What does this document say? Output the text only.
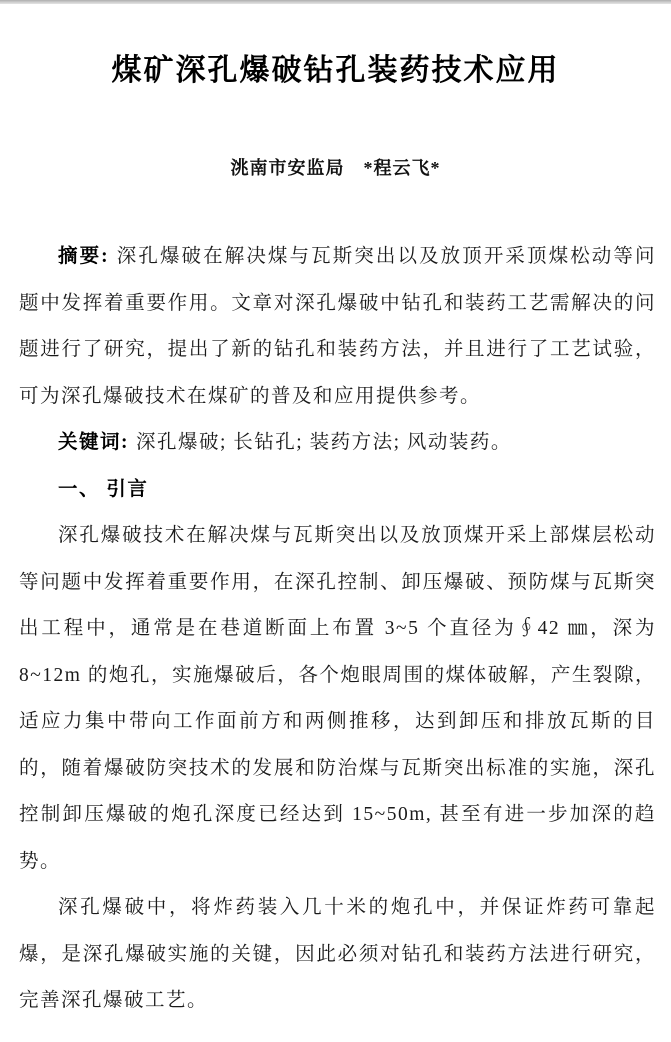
煤矿深孔爆破钻孔装药技术应用
洮南市安监局　*程云飞*

摘要: 深孔爆破在解决煤与瓦斯突出以及放顶开采顶煤松动等问题中发挥着重要作用。文章对深孔爆破中钻孔和装药工艺需解决的问题进行了研究，提出了新的钻孔和装药方法，并且进行了工艺试验，可为深孔爆破技术在煤矿的普及和应用提供参考。

关键词: 深孔爆破; 长钻孔; 装药方法; 风动装药。

一、 引言

深孔爆破技术在解决煤与瓦斯突出以及放顶煤开采上部煤层松动等问题中发挥着重要作用，在深孔控制、卸压爆破、预防煤与瓦斯突出工程中，通常是在巷道断面上布置 3~5 个直径为∮42 ㎜，深为 8~12m 的炮孔，实施爆破后，各个炮眼周围的煤体破解，产生裂隙，适应力集中带向工作面前方和两侧推移，达到卸压和排放瓦斯的目的，随着爆破防突技术的发展和防治煤与瓦斯突出标准的实施，深孔控制卸压爆破的炮孔深度已经达到 15~50m, 甚至有进一步加深的趋势。

深孔爆破中，将炸药装入几十米的炮孔中，并保证炸药可靠起爆，是深孔爆破实施的关键，因此必须对钻孔和装药方法进行研究，完善深孔爆破工艺。
